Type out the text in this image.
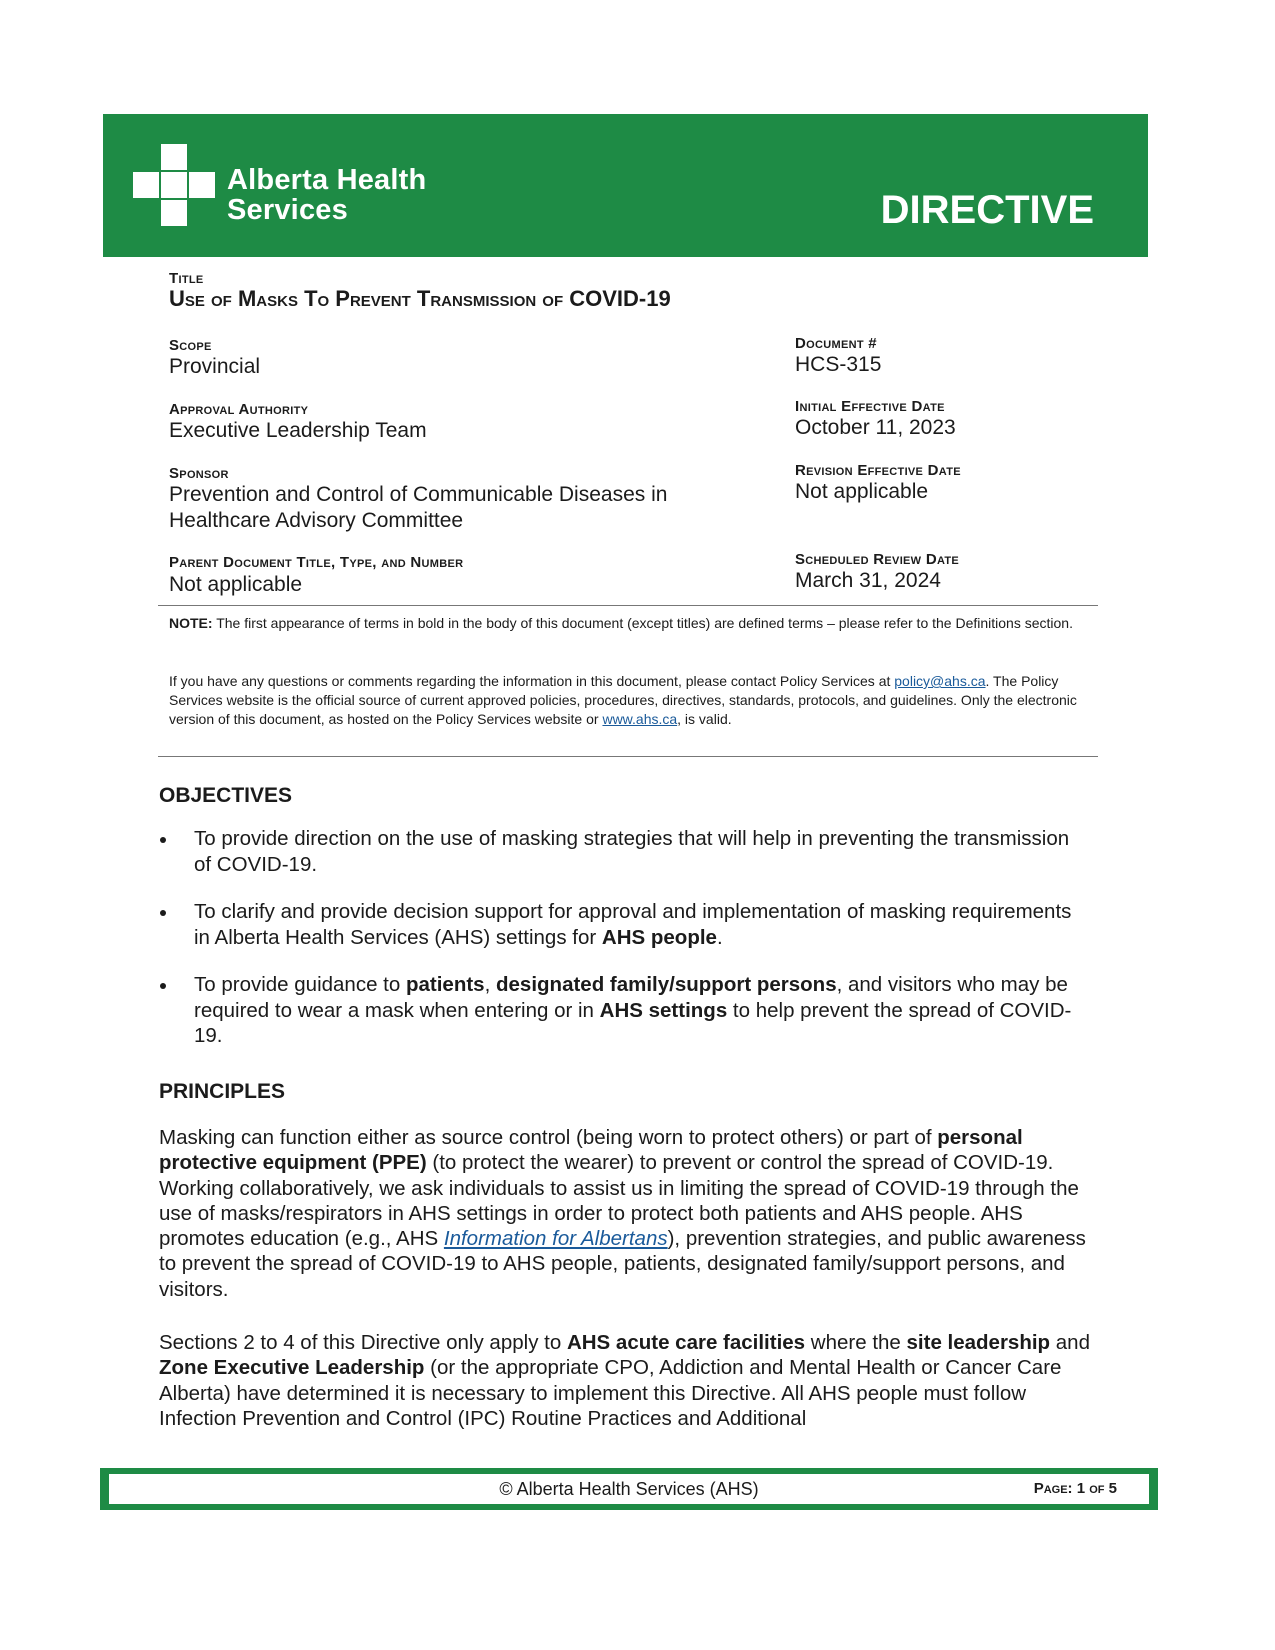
Alberta Health
Services	DIRECTIVE
Title
Use of Masks To Prevent Transmission of COVID-19
Scope
Provincial
Approval Authority
Executive Leadership Team
Sponsor
Prevention and Control of Communicable Diseases in
Healthcare Advisory Committee
Parent Document Title, Type, and Number
Not applicable
Document #
HCS-315
Initial Effective Date
October 11, 2023
Revision Effective Date
Not applicable
Scheduled Review Date
March 31, 2024
NOTE: The first appearance of terms in bold in the body of this document (except titles) are defined terms – please refer to the Definitions section.
If you have any questions or comments regarding the information in this document, please contact Policy Services at policy@ahs.ca. The Policy Services website is the official source of current approved policies, procedures, directives, standards, protocols, and guidelines. Only the electronic version of this document, as hosted on the Policy Services website or www.ahs.ca, is valid.
OBJECTIVES
To provide direction on the use of masking strategies that will help in preventing the transmission of COVID-19.
To clarify and provide decision support for approval and implementation of masking requirements in Alberta Health Services (AHS) settings for AHS people.
To provide guidance to patients, designated family/support persons, and visitors who may be required to wear a mask when entering or in AHS settings to help prevent the spread of COVID-19.
PRINCIPLES

Masking can function either as source control (being worn to protect others) or part of personal protective equipment (PPE) (to protect the wearer) to prevent or control the spread of COVID-19. Working collaboratively, we ask individuals to assist us in limiting the spread of COVID-19 through the use of masks/respirators in AHS settings in order to protect both patients and AHS people. AHS promotes education (e.g., AHS Information for Albertans), prevention strategies, and public awareness to prevent the spread of COVID-19 to AHS people, patients, designated family/support persons, and visitors.

Sections 2 to 4 of this Directive only apply to AHS acute care facilities where the site leadership and Zone Executive Leadership (or the appropriate CPO, Addiction and Mental Health or Cancer Care Alberta) have determined it is necessary to implement this Directive. All AHS people must follow Infection Prevention and Control (IPC) Routine Practices and Additional

© Alberta Health Services (AHS)	Page: 1 of 5
